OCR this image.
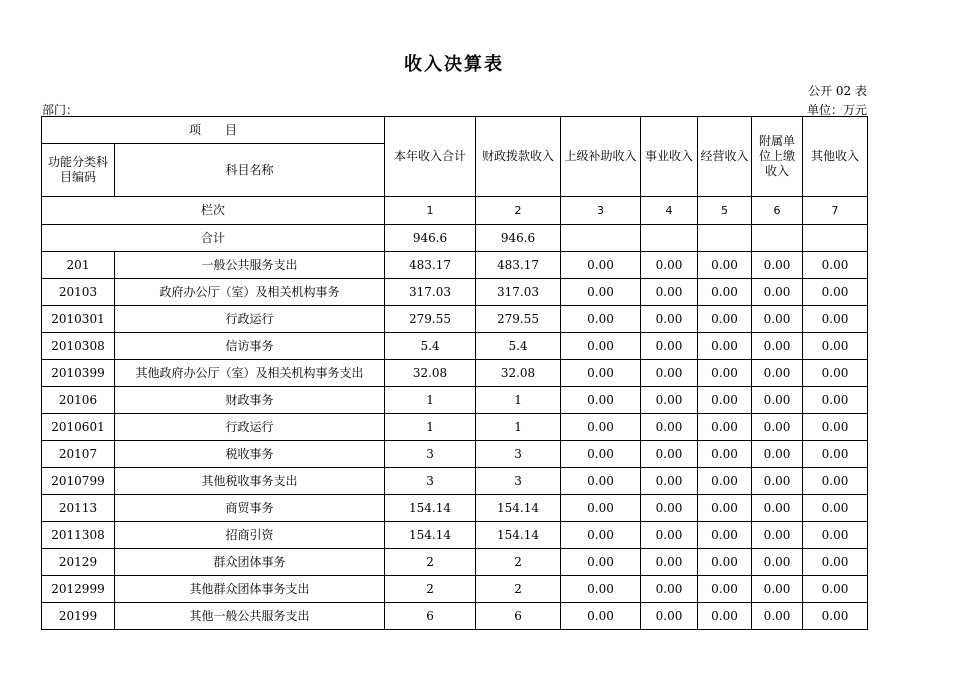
收入决算表
公开 02 表
部门：	单位：万元
项　　目		本年收入合计	财政拨款收入	上级补助收入	事业收入	经营收入	附属单位上缴收入	其他收入
功能分类科目编码	科目名称							
栏次		1	2	3	4	5	6	7
合计		946.6	946.6					
201	一般公共服务支出	483.17	483.17	0.00	0.00	0.00	0.00	0.00
20103	政府办公厅（室）及相关机构事务	317.03	317.03	0.00	0.00	0.00	0.00	0.00
2010301	行政运行	279.55	279.55	0.00	0.00	0.00	0.00	0.00
2010308	信访事务	5.4	5.4	0.00	0.00	0.00	0.00	0.00
2010399	其他政府办公厅（室）及相关机构事务支出	32.08	32.08	0.00	0.00	0.00	0.00	0.00
20106	财政事务	1	1	0.00	0.00	0.00	0.00	0.00
2010601	行政运行	1	1	0.00	0.00	0.00	0.00	0.00
20107	税收事务	3	3	0.00	0.00	0.00	0.00	0.00
2010799	其他税收事务支出	3	3	0.00	0.00	0.00	0.00	0.00
20113	商贸事务	154.14	154.14	0.00	0.00	0.00	0.00	0.00
2011308	招商引资	154.14	154.14	0.00	0.00	0.00	0.00	0.00
20129	群众团体事务	2	2	0.00	0.00	0.00	0.00	0.00
2012999	其他群众团体事务支出	2	2	0.00	0.00	0.00	0.00	0.00
20199	其他一般公共服务支出	6	6	0.00	0.00	0.00	0.00	0.00
